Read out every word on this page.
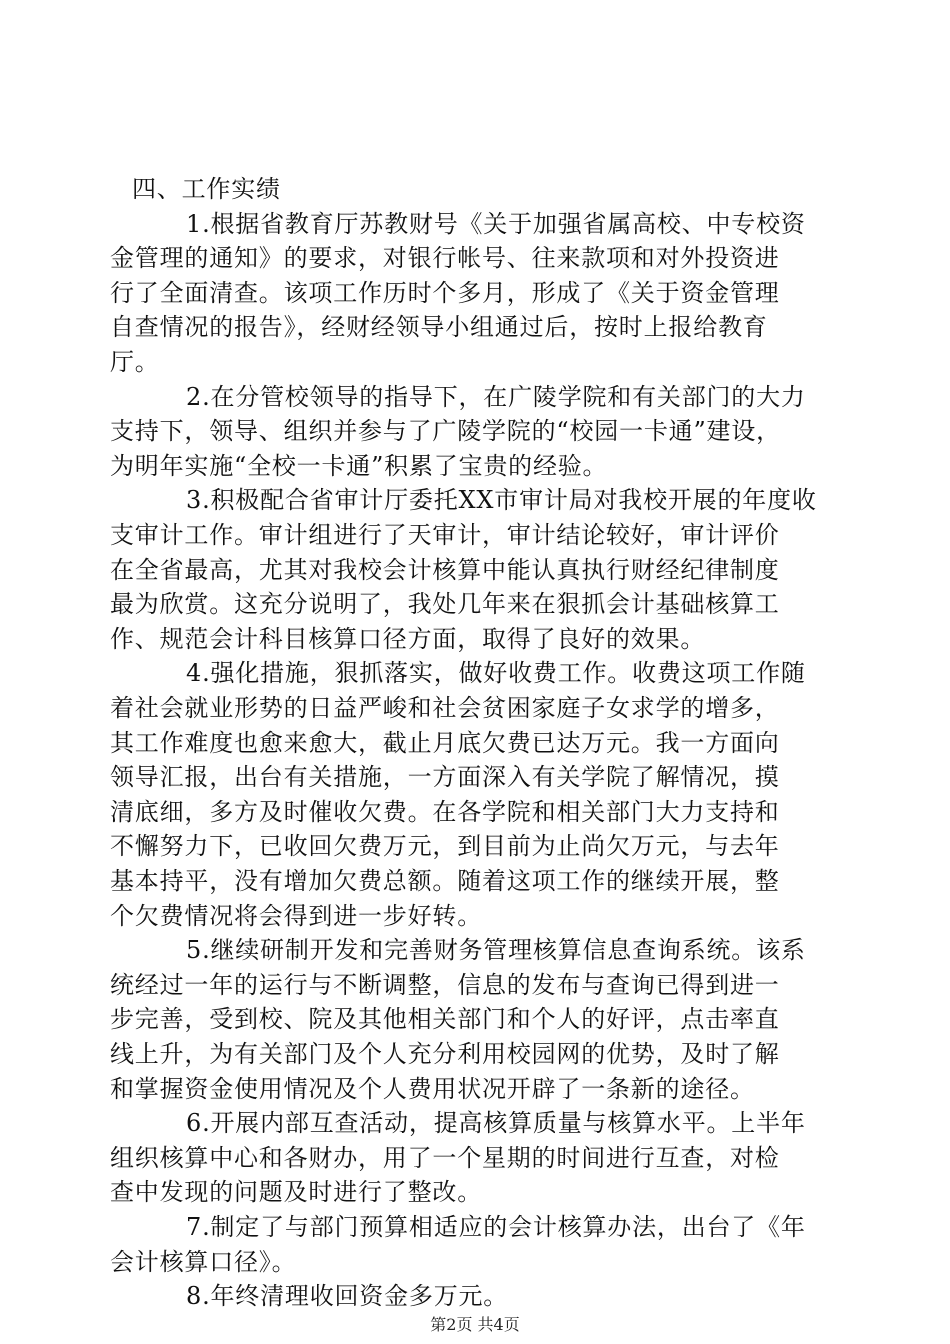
四、工作实绩
1.根据省教育厅苏教财号《关于加强省属高校、中专校资
金管理的通知》的要求，对银行帐号、往来款项和对外投资进
行了全面清查。该项工作历时个多月，形成了《关于资金管理
自查情况的报告》，经财经领导小组通过后，按时上报给教育
厅。
2.在分管校领导的指导下，在广陵学院和有关部门的大力
支持下，领导、组织并参与了广陵学院的“校园一卡通”建设，
为明年实施“全校一卡通”积累了宝贵的经验。
3.积极配合省审计厅委托XX市审计局对我校开展的年度收
支审计工作。审计组进行了天审计，审计结论较好，审计评价
在全省最高，尤其对我校会计核算中能认真执行财经纪律制度
最为欣赏。这充分说明了，我处几年来在狠抓会计基础核算工
作、规范会计科目核算口径方面，取得了良好的效果。
4.强化措施，狠抓落实，做好收费工作。收费这项工作随
着社会就业形势的日益严峻和社会贫困家庭子女求学的增多，
其工作难度也愈来愈大，截止月底欠费已达万元。我一方面向
领导汇报，出台有关措施，一方面深入有关学院了解情况，摸
清底细，多方及时催收欠费。在各学院和相关部门大力支持和
不懈努力下，已收回欠费万元，到目前为止尚欠万元，与去年
基本持平，没有增加欠费总额。随着这项工作的继续开展，整
个欠费情况将会得到进一步好转。
5.继续研制开发和完善财务管理核算信息查询系统。该系
统经过一年的运行与不断调整，信息的发布与查询已得到进一
步完善，受到校、院及其他相关部门和个人的好评，点击率直
线上升，为有关部门及个人充分利用校园网的优势，及时了解
和掌握资金使用情况及个人费用状况开辟了一条新的途径。
6.开展内部互查活动，提高核算质量与核算水平。上半年
组织核算中心和各财办，用了一个星期的时间进行互查，对检
查中发现的问题及时进行了整改。
7.制定了与部门预算相适应的会计核算办法，出台了《年
会计核算口径》。
8.年终清理收回资金多万元。
第2页 共4页
